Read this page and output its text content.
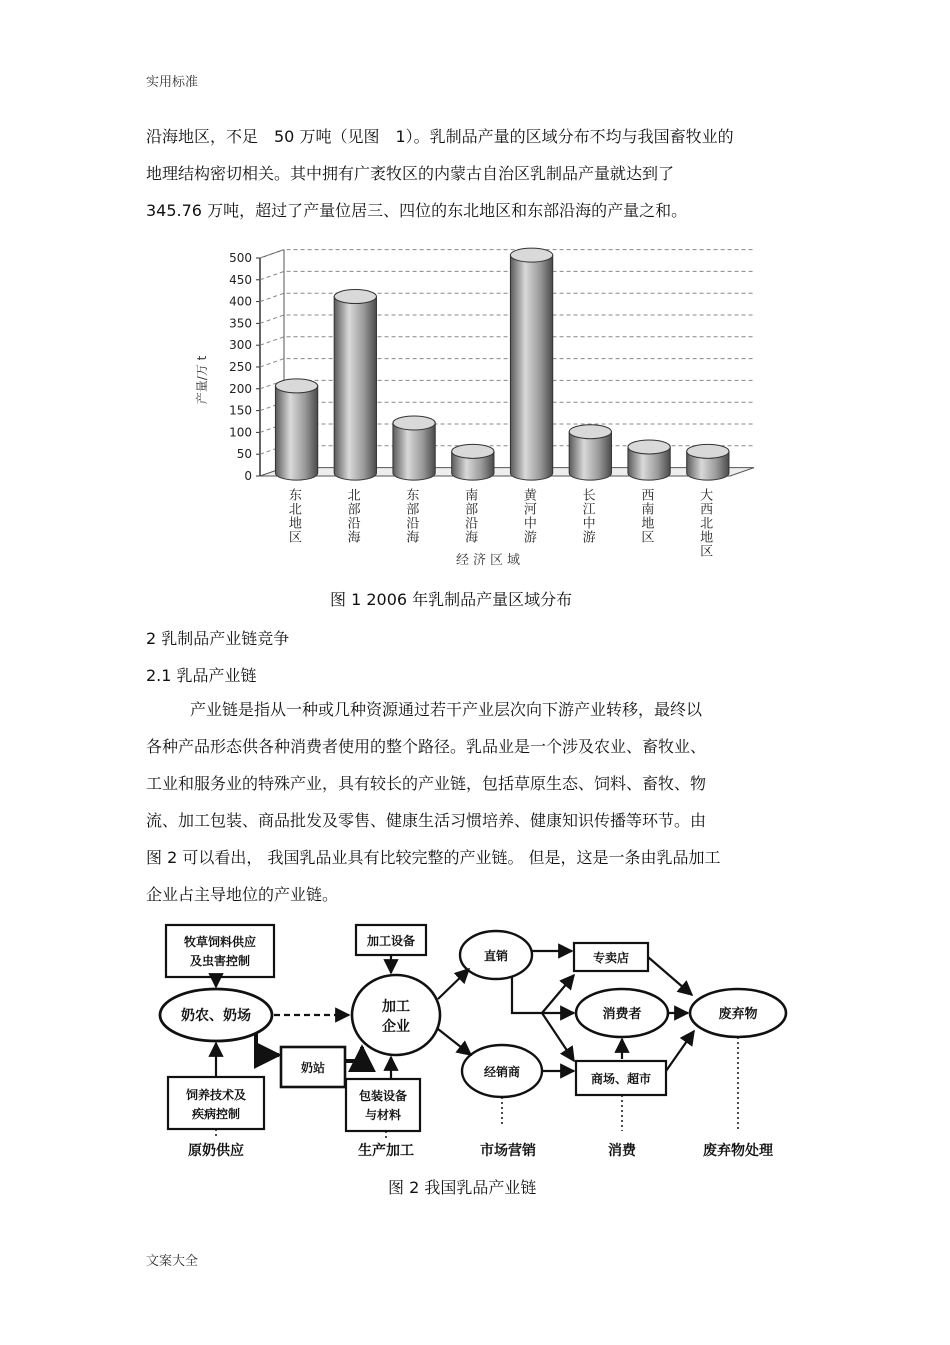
实用标准
沿海地区，不足　50 万吨（见图　1）。乳制品产量的区域分布不均与我国畜牧业的
地理结构密切相关。其中拥有广袤牧区的内蒙古自治区乳制品产量就达到了
345.76 万吨，超过了产量位居三、四位的东北地区和东部沿海的产量之和。
0
50
100
150
200
250
300
350
400
450
500
东北地区	北部沿海	东部沿海	南部沿海	黄河中游	长江中游	西南地区	大西北地区
产量/万 t
经济区域
图 1 2006 年乳制品产量区域分布
2 乳制品产业链竞争
2.1 乳品产业链
产业链是指从一种或几种资源通过若干产业层次向下游产业转移，最终以
各种产品形态供各种消费者使用的整个路径。乳品业是一个涉及农业、畜牧业、
工业和服务业的特殊产业，具有较长的产业链，包括草原生态、饲料、畜牧、物
流、加工包装、商品批发及零售、健康生活习惯培养、健康知识传播等环节。由
图 2 可以看出， 我国乳品业具有比较完整的产业链。 但是，这是一条由乳品加工
企业占主导地位的产业链。
牧草饲料供应
及虫害控制
加工设备
奶农、奶场
加工
企业
直销	专卖店
消费者	废弃物
奶站	经销商	商场、超市
饲养技术及
疾病控制
包装设备
与材料
原奶供应	生产加工	市场营销	消费	废弃物处理
图 2 我国乳品产业链
文案大全
